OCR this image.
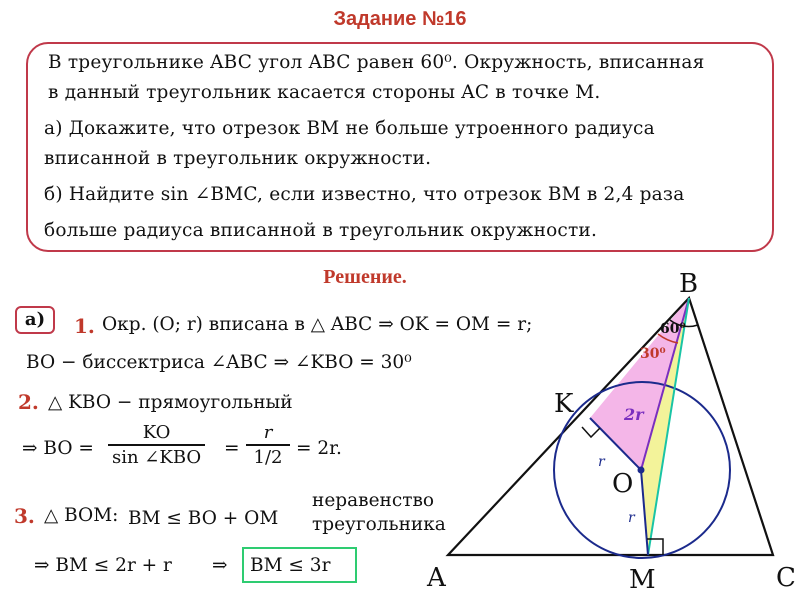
Задание №16
В треугольнике ABC угол ABC равен 60⁰. Окружность, вписанная
в данный треугольник касается стороны AC в точке M.
а) Докажите, что отрезок BM не больше утроенного радиуса
вписанной в треугольник окружности.
б) Найдите sin ∠BMC, если известно, что отрезок BM в 2,4 раза
больше радиуса вписанной в треугольник окружности.
Решение.
а)	1. Окр. (O; r) вписана в △ ABC ⇒ OK = OM = r;
BO − биссектриса ∠ABC ⇒ ∠KBO = 30⁰
2. △ KBO − прямоугольный
⇒ BO =
KO
sin ∠KBO =
r
1/2 = 2r.
3. △ BOM: BM ≤ BO + OM
неравенство
треугольника
⇒ BM ≤ 2r + r ⇒ BM ≤ 3r	A
B
C
K
O
M
60⁰
30⁰
2r
r
r
